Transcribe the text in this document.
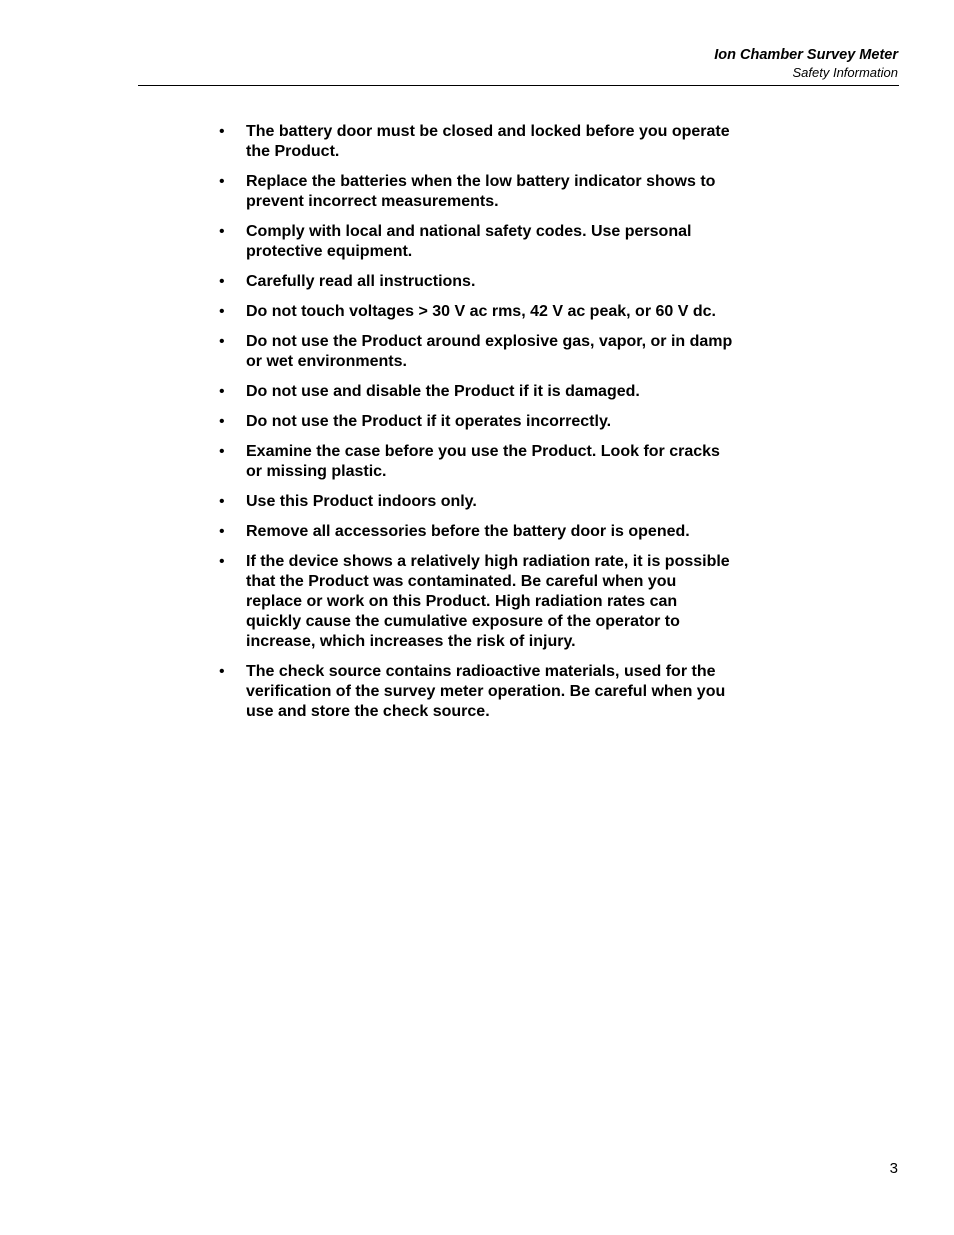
Ion Chamber Survey Meter
Safety Information
• The battery door must be closed and locked before you operate the Product.
• Replace the batteries when the low battery indicator shows to prevent incorrect measurements.
• Comply with local and national safety codes. Use personal protective equipment.
• Carefully read all instructions.
• Do not touch voltages > 30 V ac rms, 42 V ac peak, or 60 V dc.
• Do not use the Product around explosive gas, vapor, or in damp or wet environments.
• Do not use and disable the Product if it is damaged.
• Do not use the Product if it operates incorrectly.
• Examine the case before you use the Product. Look for cracks or missing plastic.
• Use this Product indoors only.
• Remove all accessories before the battery door is opened.
• If the device shows a relatively high radiation rate, it is possible that the Product was contaminated. Be careful when you replace or work on this Product. High radiation rates can quickly cause the cumulative exposure of the operator to increase, which increases the risk of injury.
• The check source contains radioactive materials, used for the verification of the survey meter operation. Be careful when you use and store the check source.
3
